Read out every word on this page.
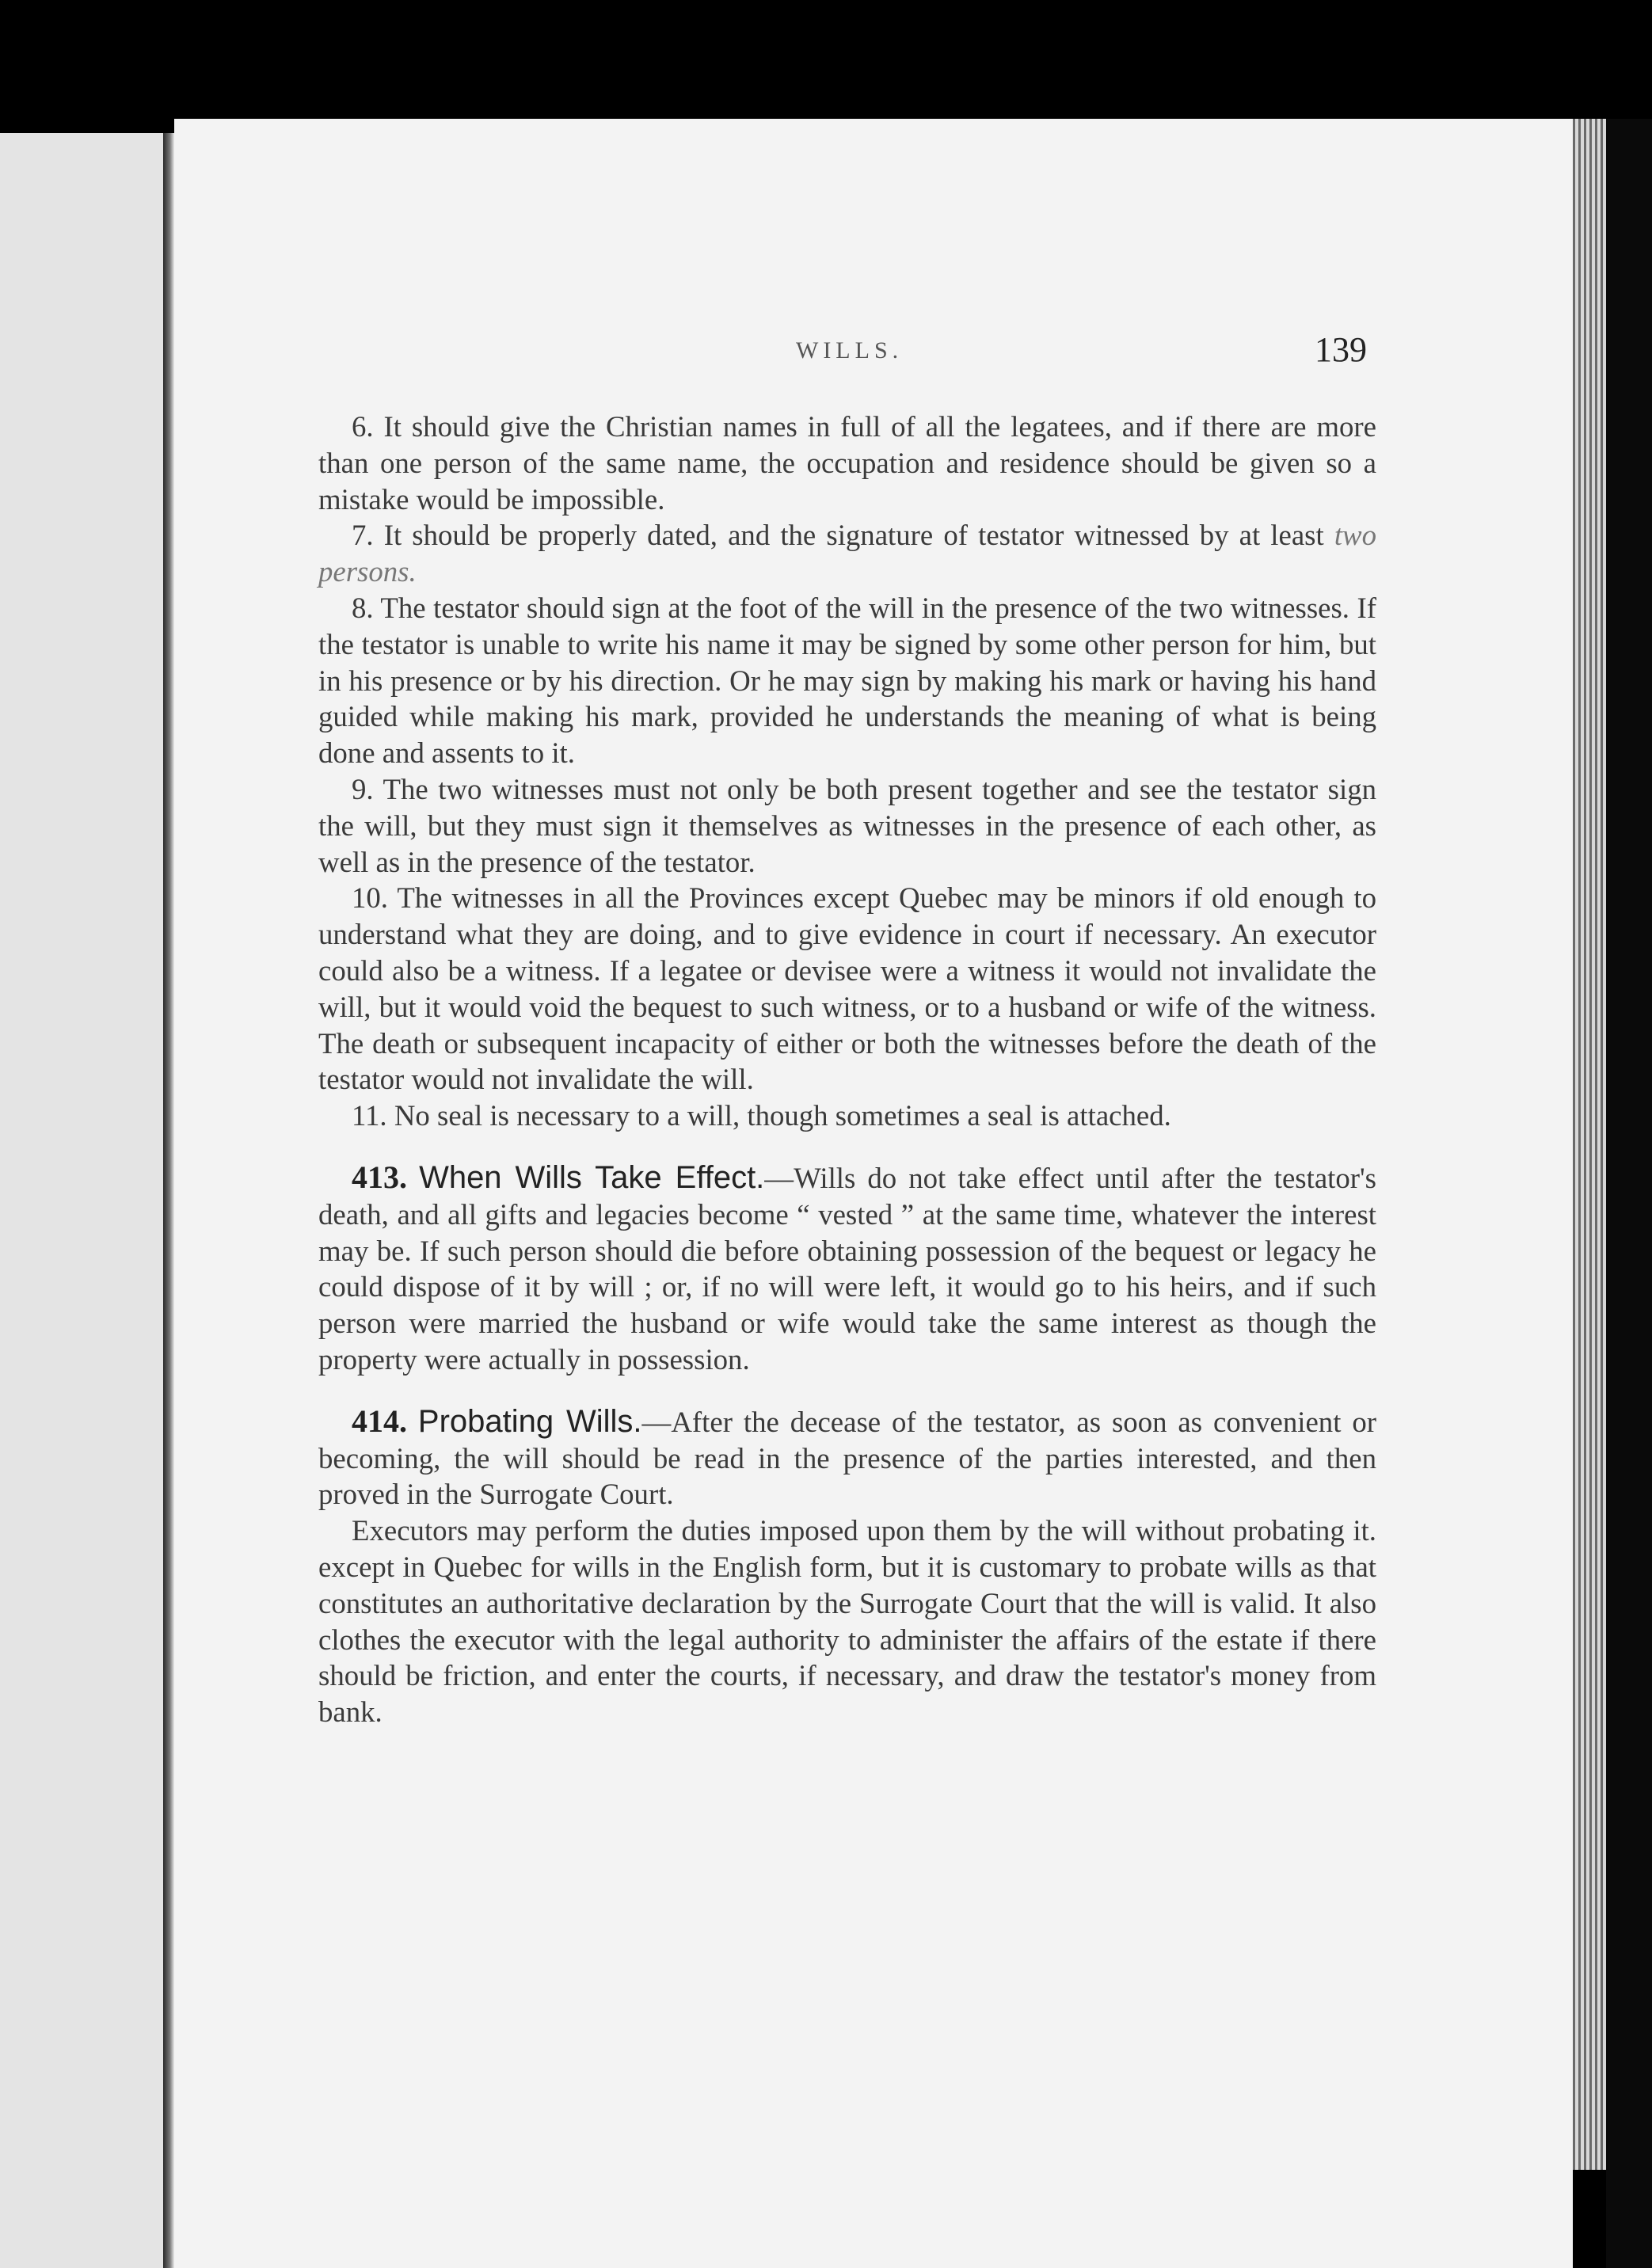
WILLS.	139

6. It should give the Christian names in full of all the legatees, and if there are more than one person of the same name, the occupation and residence should be given so a mistake would be impossible.

7. It should be properly dated, and the signature of testator witnessed by at least two persons.

8. The testator should sign at the foot of the will in the presence of the two witnesses. If the testator is unable to write his name it may be signed by some other person for him, but in his presence or by his direction. Or he may sign by making his mark or having his hand guided while making his mark, provided he understands the meaning of what is being done and assents to it.

9. The two witnesses must not only be both present together and see the testator sign the will, but they must sign it themselves as witnesses in the presence of each other, as well as in the presence of the testator.

10. The witnesses in all the Provinces except Quebec may be minors if old enough to understand what they are doing, and to give evidence in court if necessary. An executor could also be a witness. If a legatee or devisee were a witness it would not invalidate the will, but it would void the bequest to such witness, or to a husband or wife of the witness. The death or subsequent incapacity of either or both the witnesses before the death of the testator would not invalidate the will.

11. No seal is necessary to a will, though sometimes a seal is attached.

413. When Wills Take Effect.—Wills do not take effect until after the testator's death, and all gifts and legacies become “ vested ” at the same time, whatever the interest may be. If such person should die before obtaining possession of the bequest or legacy he could dispose of it by will ; or, if no will were left, it would go to his heirs, and if such person were married the husband or wife would take the same interest as though the property were actually in possession.

414. Probating Wills.—After the decease of the testator, as soon as convenient or becoming, the will should be read in the presence of the parties interested, and then proved in the Surrogate Court.

Executors may perform the duties imposed upon them by the will without probating it. except in Quebec for wills in the English form, but it is customary to probate wills as that constitutes an authoritative declaration by the Surrogate Court that the will is valid. It also clothes the executor with the legal authority to administer the affairs of the estate if there should be friction, and enter the courts, if necessary, and draw the testator's money from bank.
